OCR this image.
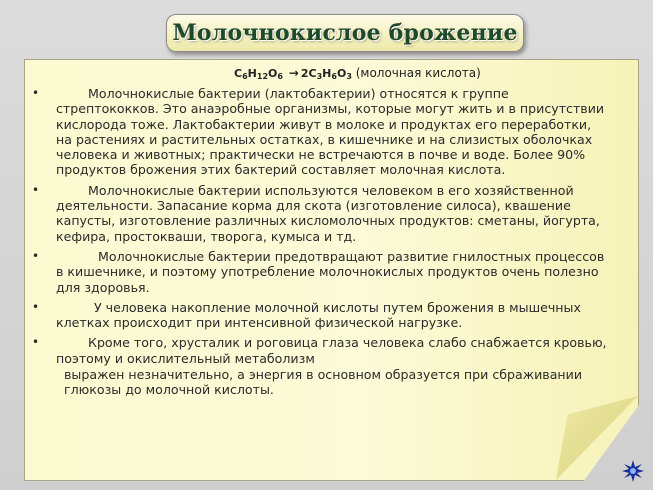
Молочнокислое брожение
$C_6H_{12}O_6 \to 2C_3H_6O_3$ (молочная кислота)
•	Молочнокислые бактерии (лактобактерии) относятся к группе стрептококков. Это анаэробные организмы, которые могут жить и в присутствии кислорода тоже. Лактобактерии живут в молоке и продуктах его переработки, на растениях и растительных остатках, в кишечнике и на слизистых оболочках человека и животных; практически не встречаются в почве и воде. Более 90% продуктов брожения этих бактерий составляет молочная кислота.
•	Молочнокислые бактерии используются человеком в его хозяйственной деятельности. Запасание корма для скота (изготовление силоса), квашение капусты, изготовление различных кисломолочных продуктов: сметаны, йогурта, кефира, простокваши, творога, кумыса и тд.
•	Молочнокислые бактерии предотвращают развитие гнилостных процессов в кишечнике, и поэтому употребление молочнокислых продуктов очень полезно для здоровья.
•	У человека накопление молочной кислоты путем брожения в мышечных клетках происходит при интенсивной физической нагрузке.
•	Кроме того, хрусталик и роговица глаза человека слабо снабжается кровью, поэтому и окислительный метаболизм
выражен незначительно, а энергия в основном образуется при сбраживании глюкозы до молочной кислоты.
